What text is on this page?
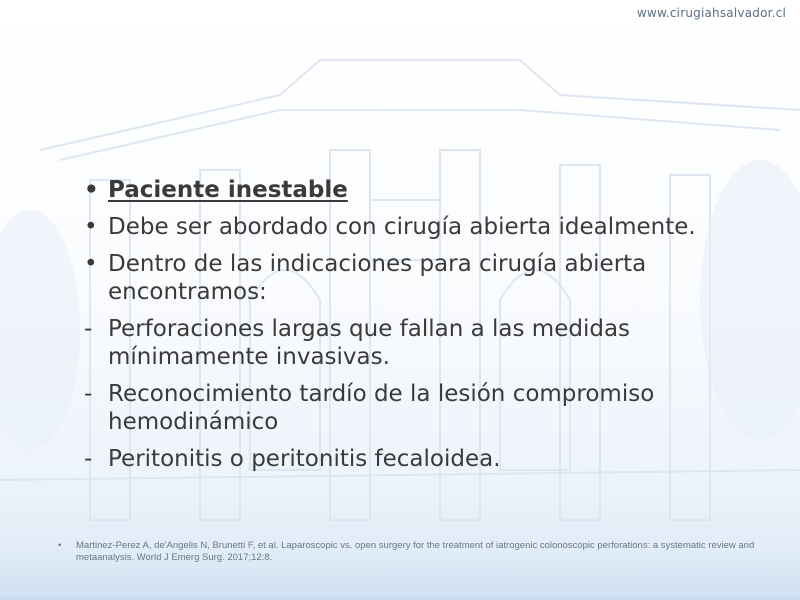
www.cirugiahsalvador.cl
• Paciente inestable
• Debe ser abordado con cirugía abierta idealmente.
• Dentro de las indicaciones para cirugía abierta encontramos:
- Perforaciones largas que fallan a las medidas mínimamente invasivas.
- Reconocimiento tardío de la lesión compromiso hemodinámico
- Peritonitis o peritonitis fecaloidea.
•	Martinez-Perez A, de'Angelis N, Brunetti F, et al. Laparoscopic vs. open surgery for the treatment of iatrogenic colonoscopic perforations: a systematic review and metaanalysis. World J Emerg Surg. 2017;12:8.
